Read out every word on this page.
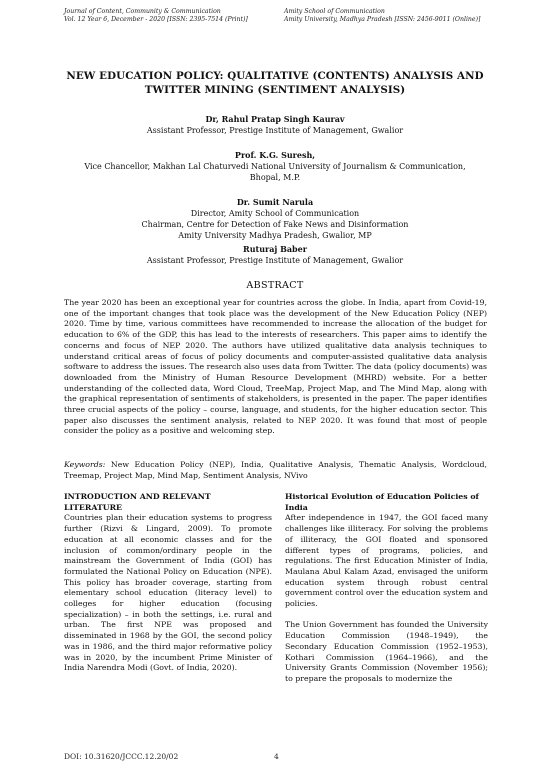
Journal of Content, Community & Communication
Vol. 12 Year 6, December - 2020 [ISSN: 2395-7514 (Print)]
Amity School of Communication
Amity University, Madhya Pradesh [ISSN: 2456-9011 (Online)]
NEW EDUCATION POLICY: QUALITATIVE (CONTENTS) ANALYSIS AND
TWITTER MINING (SENTIMENT ANALYSIS)
Dr, Rahul Pratap Singh Kaurav
Assistant Professor, Prestige Institute of Management, Gwalior
Prof. K.G. Suresh,
Vice Chancellor, Makhan Lal Chaturvedi National University of Journalism & Communication,
Bhopal, M.P.
Dr. Sumit Narula
Director, Amity School of Communication
Chairman, Centre for Detection of Fake News and Disinformation
Amity University Madhya Pradesh, Gwalior, MP
Ruturaj Baber
Assistant Professor, Prestige Institute of Management, Gwalior
ABSTRACT

The year 2020 has been an exceptional year for countries across the globe. In India, apart from Covid-19, one of the important changes that took place was the development of the New Education Policy (NEP) 2020. Time by time, various committees have recommended to increase the allocation of the budget for education to 6% of the GDP, this has lead to the interests of researchers. This paper aims to identify the concerns and focus of NEP 2020. The authors have utilized qualitative data analysis techniques to understand critical areas of focus of policy documents and computer-assisted qualitative data analysis software to address the issues. The research also uses data from Twitter. The data (policy documents) was downloaded from the Ministry of Human Resource Development (MHRD) website. For a better understanding of the collected data, Word Cloud, TreeMap, Project Map, and The Mind Map, along with the graphical representation of sentiments of stakeholders, is presented in the paper. The paper identifies three crucial aspects of the policy – course, language, and students, for the higher education sector. This paper also discusses the sentiment analysis, related to NEP 2020. It was found that most of people consider the policy as a positive and welcoming step.

Keywords: New Education Policy (NEP), India, Qualitative Analysis, Thematic Analysis, Wordcloud, Treemap, Project Map, Mind Map, Sentiment Analysis, NVivo

INTRODUCTION AND RELEVANT
LITERATURE

Countries plan their education systems to progress further (Rizvi & Lingard, 2009). To promote education at all economic classes and for the inclusion of common/ordinary people in the mainstream the Government of India (GOI) has formulated the National Policy on Education (NPE). This policy has broader coverage, starting from elementary school education (literacy level) to colleges for higher education (focusing specialization) – in both the settings, i.e. rural and urban. The first NPE was proposed and disseminated in 1968 by the GOI, the second policy was in 1986, and the third major reformative policy was in 2020, by the incumbent Prime Minister of India Narendra Modi (Govt. of India, 2020).

Historical Evolution of Education Policies of
India

After independence in 1947, the GOI faced many challenges like illiteracy. For solving the problems of illiteracy, the GOI floated and sponsored different types of programs, policies, and regulations. The first Education Minister of India, Maulana Abul Kalam Azad, envisaged the uniform education system through robust central government control over the education system and policies.

The Union Government has founded the University Education Commission (1948–1949), the Secondary Education Commission (1952–1953), Kothari Commission (1964–1966), and the University Grants Commission (November 1956); to prepare the proposals to modernize the

DOI: 10.31620/JCCC.12.20/02	4
